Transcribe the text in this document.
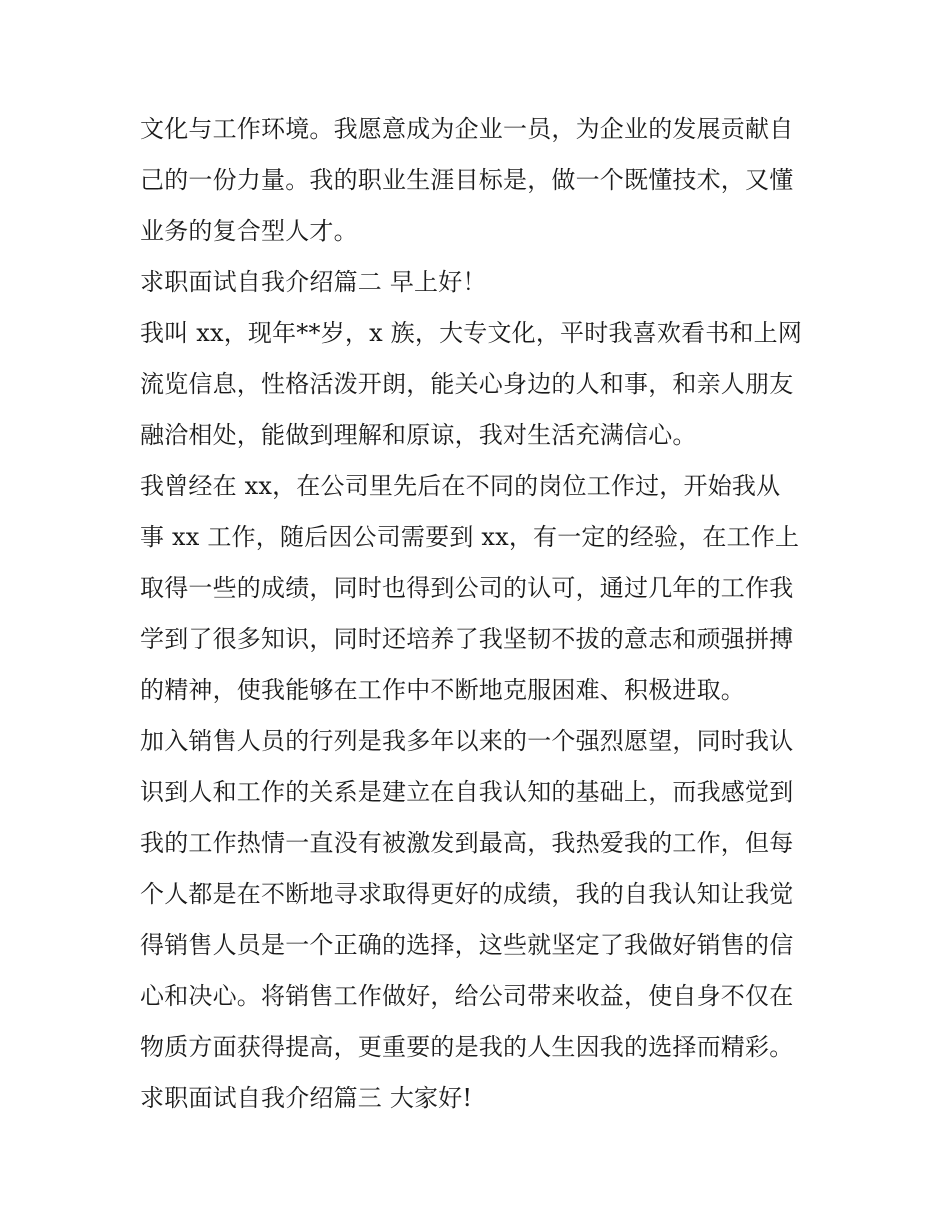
文化与工作环境。我愿意成为企业一员，为企业的发展贡献自
己的一份力量。我的职业生涯目标是，做一个既懂技术，又懂
业务的复合型人才。
求职面试自我介绍篇二 早上好！
我叫 xx，现年**岁，x 族，大专文化，平时我喜欢看书和上网
流览信息，性格活泼开朗，能关心身边的人和事，和亲人朋友
融洽相处，能做到理解和原谅，我对生活充满信心。
我曾经在 xx，在公司里先后在不同的岗位工作过，开始我从
事 xx 工作，随后因公司需要到 xx，有一定的经验，在工作上
取得一些的成绩，同时也得到公司的认可，通过几年的工作我
学到了很多知识，同时还培养了我坚韧不拔的意志和顽强拼搏
的精神，使我能够在工作中不断地克服困难、积极进取。
加入销售人员的行列是我多年以来的一个强烈愿望，同时我认
识到人和工作的关系是建立在自我认知的基础上，而我感觉到
我的工作热情一直没有被激发到最高，我热爱我的工作，但每
个人都是在不断地寻求取得更好的成绩，我的自我认知让我觉
得销售人员是一个正确的选择，这些就坚定了我做好销售的信
心和决心。将销售工作做好，给公司带来收益，使自身不仅在
物质方面获得提高，更重要的是我的人生因我的选择而精彩。
求职面试自我介绍篇三 大家好!
